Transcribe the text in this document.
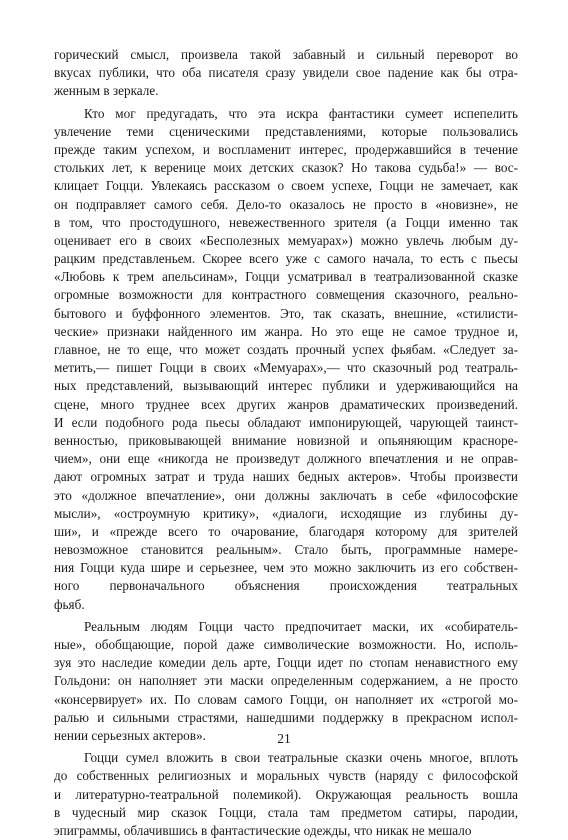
горический смысл, произвела такой забавный и сильный переворот во
вкусах публики, что оба писателя сразу увидели свое падение как бы отра-
женным в зеркале.
Кто мог предугадать, что эта искра фантастики сумеет испепелить
увлечение теми сценическими представлениями, которые пользовались
прежде таким успехом, и воспламенит интерес, продержавшийся в течение
стольких лет, к веренице моих детских сказок? Но такова судьба!» — вос-
клицает Гоцци. Увлекаясь рассказом о своем успехе, Гоцци не замечает, как
он подправляет самого себя. Дело-то оказалось не просто в «новизне», не
в том, что простодушного, невежественного зрителя (а Гоцци именно так
оценивает его в своих «Бесполезных мемуарах») можно увлечь любым ду-
рацким представленьем. Скорее всего уже с самого начала, то есть с пьесы
«Любовь к трем апельсинам», Гоцци усматривал в театрализованной сказке
огромные возможности для контрастного совмещения сказочного, реально-
бытового и буффонного элементов. Это, так сказать, внешние, «стилисти-
ческие» признаки найденного им жанра. Но это еще не самое трудное и,
главное, не то еще, что может создать прочный успех фьябам. «Следует за-
метить,— пишет Гоцци в своих «Мемуарах»,— что сказочный род театраль-
ных представлений, вызывающий интерес публики и удерживающийся на
сцене, много труднее всех других жанров драматических произведений.
И если подобного рода пьесы обладают импонирующей, чарующей таинст-
венностью, приковывающей внимание новизной и опьяняющим красноре-
чием», они еще «никогда не произведут должного впечатления и не оправ-
дают огромных затрат и труда наших бедных актеров». Чтобы произвести
это «должное впечатление», они должны заключать в себе «философские
мысли», «остроумную критику», «диалоги, исходящие из глубины ду-
ши», и «прежде всего то очарование, благодаря которому для зрителей
невозможное становится реальным». Стало быть, программные намере-
ния Гоцци куда шире и серьезнее, чем это можно заключить из его собствен-
ного первоначального объяснения происхождения театральных
фьяб.
Реальным людям Гоцци часто предпочитает маски, их «собиратель-
ные», обобщающие, порой даже символические возможности. Но, исполь-
зуя это наследие комедии дель арте, Гоцци идет по стопам ненавистного ему
Гольдони: он наполняет эти маски определенным содержанием, а не просто
«консервирует» их. По словам самого Гоцци, он наполняет их «строгой мо-
ралью и сильными страстями, нашедшими поддержку в прекрасном испол-
нении серьезных актеров».
Гоцци сумел вложить в свои театральные сказки очень многое, вплоть
до собственных религиозных и моральных чувств (наряду с философской
и литературно-театральной полемикой). Окружающая реальность вошла
в чудесный мир сказок Гоцци, стала там предметом сатиры, пародии,
эпиграммы, облачившись в фантастические одежды, что никак не мешало
21
